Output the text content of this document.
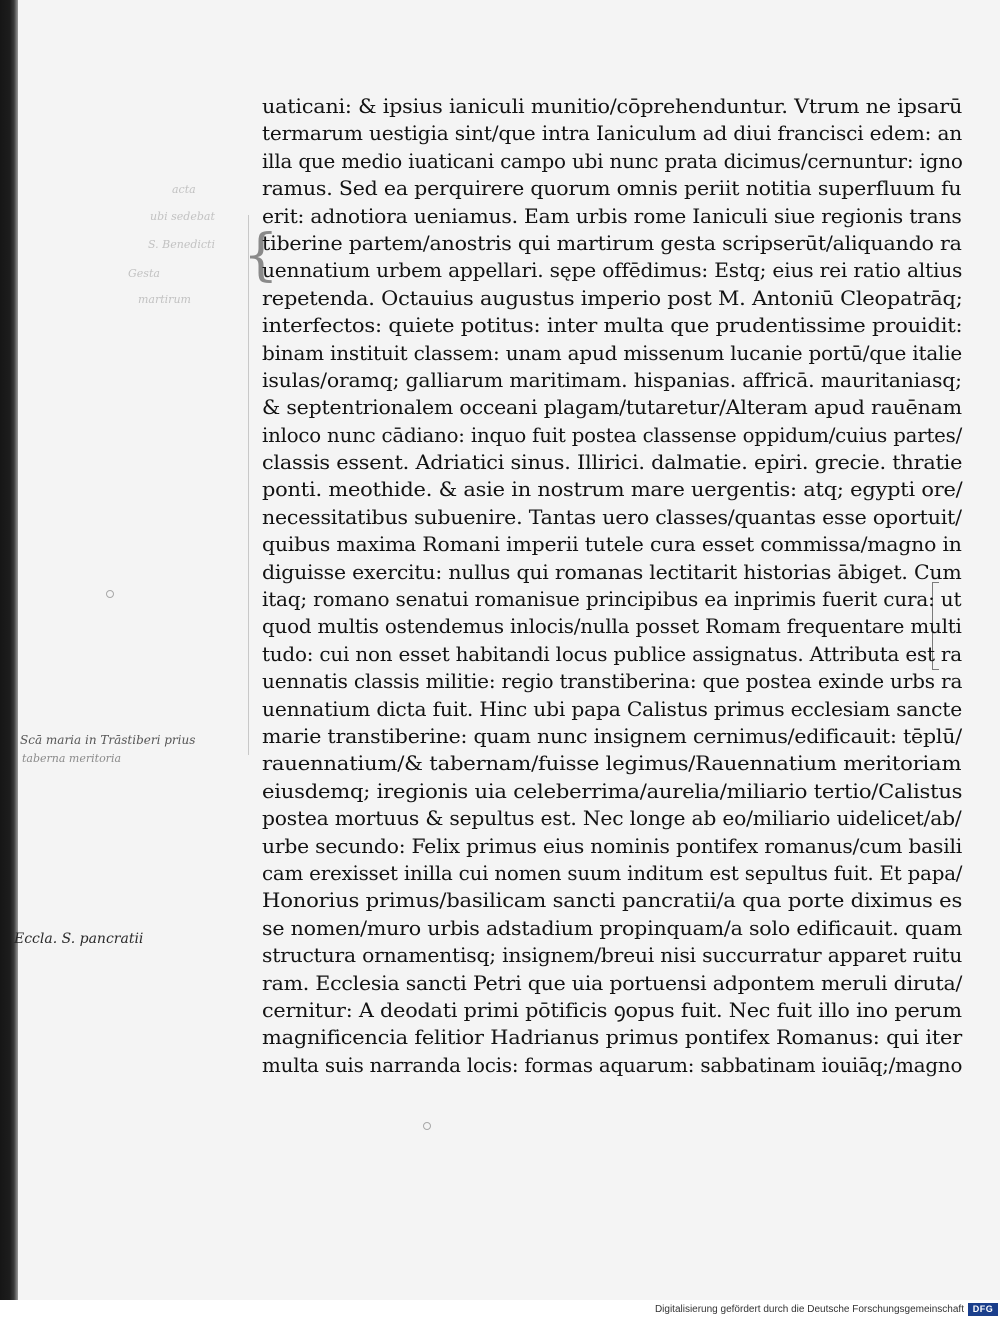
acta
ubi sedebat
S. Benedicti
Gesta
martirum
{
Scā maria in Trāstiberi prius
taberna meritoria
Eccla. S. pancratii
uaticani: & ipsius ianiculi munitio/cōprehenduntur. Vtrum ne ipsarū
termarum uestigia sint/que intra Ianiculum ad diui francisci edem: an
illa que medio iuaticani campo ubi nunc prata dicimus/cernuntur: igno
ramus. Sed ea perquirere quorum omnis periit notitia superfluum fu
erit: adnotiora ueniamus. Eam urbis rome Ianiculi siue regionis trans
tiberine partem/anostris qui martirum gesta scripserūt/aliquando ra
uennatium urbem appellari. sępe offēdimus: Estq; eius rei ratio altius
repetenda. Octauius augustus imperio post M. Antoniū Cleopatrāq;
interfectos: quiete potitus: inter multa que prudentissime prouidit:
binam instituit classem: unam apud missenum lucanie portū/que italie
isulas/oramq; galliarum maritimam. hispanias. affricā. mauritaniasq;
& septentrionalem occeani plagam/tutaretur/Alteram apud rauēnam
inloco nunc cādiano: inquo fuit postea classense oppidum/cuius partes/
classis essent. Adriatici sinus. Illirici. dalmatie. epiri. grecie. thratie
ponti. meothide. & asie in nostrum mare uergentis: atq; egypti ore/
necessitatibus subuenire. Tantas uero classes/quantas esse oportuit/
quibus maxima Romani imperii tutele cura esset commissa/magno in
diguisse exercitu: nullus qui romanas lectitarit historias ābiget. Cum
itaq; romano senatui romanisue principibus ea inprimis fuerit cura: ut
quod multis ostendemus inlocis/nulla posset Romam frequentare multi
tudo: cui non esset habitandi locus publice assignatus. Attributa est ra
uennatis classis militie: regio transtiberina: que postea exinde urbs ra
uennatium dicta fuit. Hinc ubi papa Calistus primus ecclesiam sancte
marie transtiberine: quam nunc insignem cernimus/edificauit: tēplū/
rauennatium/& tabernam/fuisse legimus/Rauennatium meritoriam
eiusdemq; iregionis uia celeberrima/aurelia/miliario tertio/Calistus
postea mortuus & sepultus est. Nec longe ab eo/miliario uidelicet/ab/
urbe secundo: Felix primus eius nominis pontifex romanus/cum basili
cam erexisset inilla cui nomen suum inditum est sepultus fuit. Et papa/
Honorius primus/basilicam sancti pancratii/a qua porte diximus es
se nomen/muro urbis adstadium propinquam/a solo edificauit. quam
structura ornamentisq; insignem/breui nisi succurratur apparet ruitu
ram. Ecclesia sancti Petri que uia portuensi adpontem meruli diruta/
cernitur: A deodati primi pōtificis ꝯopus fuit. Nec fuit illo ino perum
magnificencia felitior Hadrianus primus pontifex Romanus: qui iter
multa suis narranda locis: formas aquarum: sabbatinam iouiāq;/magno
Digitalisierung gefördert durch die Deutsche Forschungsgemeinschaft DFG
